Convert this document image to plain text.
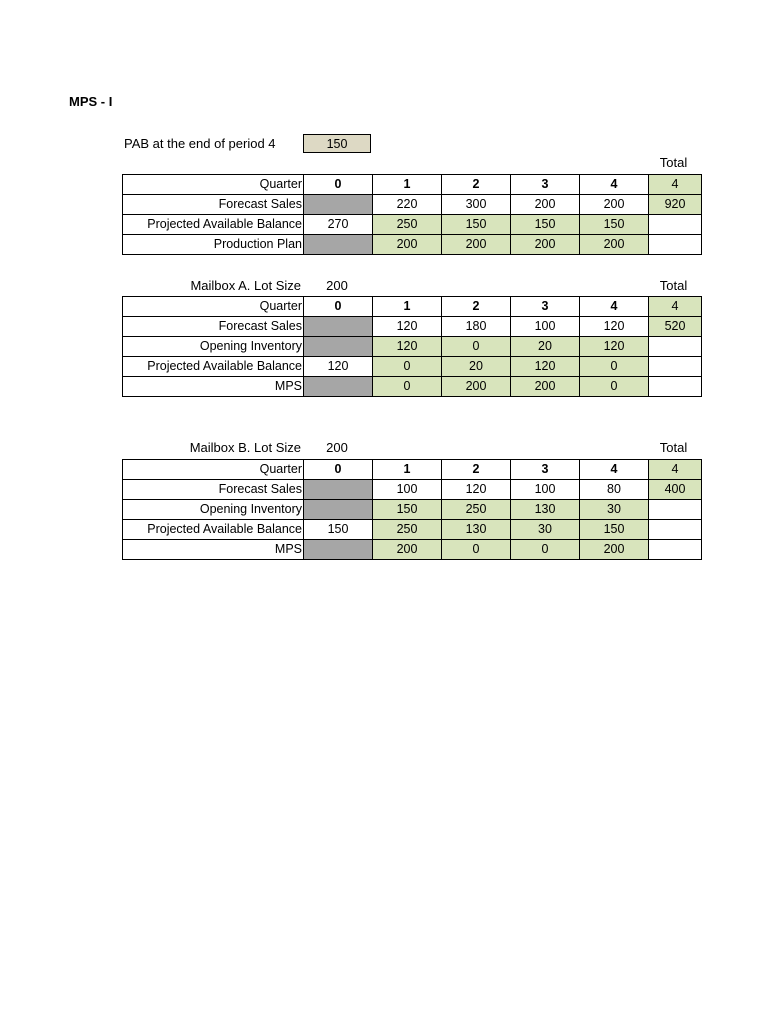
MPS - I
PAB at the end of period 4	150
Total
Quarter	0	1	2	3	4	4
Forecast Sales		220	300	200	200	920
Projected Available Balance	270	250	150	150	150	
Production Plan		200	200	200	200	
Mailbox A. Lot Size	200	Total
Quarter	0	1	2	3	4	4
Forecast Sales		120	180	100	120	520
Opening Inventory		120	0	20	120	
Projected Available Balance	120	0	20	120	0	
MPS		0	200	200	0	
Mailbox B. Lot Size	200	Total
Quarter	0	1	2	3	4	4
Forecast Sales		100	120	100	80	400
Opening Inventory		150	250	130	30	
Projected Available Balance	150	250	130	30	150	
MPS		200	0	0	200	
